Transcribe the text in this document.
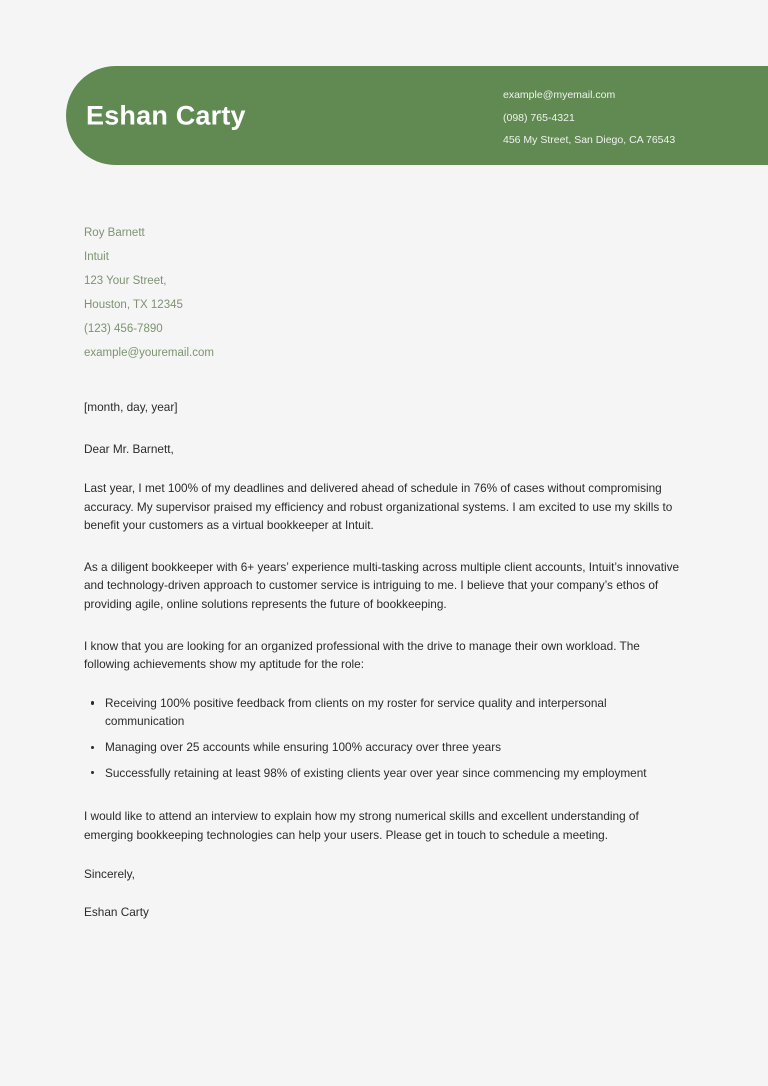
Eshan Carty
example@myemail.com
(098) 765-4321
456 My Street, San Diego, CA 76543
Roy Barnett
Intuit
123 Your Street,
Houston, TX 12345
(123) 456-7890
example@youremail.com
[month, day, year]
Dear Mr. Barnett,

Last year, I met 100% of my deadlines and delivered ahead of schedule in 76% of cases without compromising accuracy. My supervisor praised my efficiency and robust organizational systems. I am excited to use my skills to benefit your customers as a virtual bookkeeper at Intuit.

As a diligent bookkeeper with 6+ years’ experience multi-tasking across multiple client accounts, Intuit’s innovative and technology-driven approach to customer service is intriguing to me. I believe that your company’s ethos of providing agile, online solutions represents the future of bookkeeping.

I know that you are looking for an organized professional with the drive to manage their own workload. The following achievements show my aptitude for the role:

Receiving 100% positive feedback from clients on my roster for service quality and interpersonal communication
Managing over 25 accounts while ensuring 100% accuracy over three years
Successfully retaining at least 98% of existing clients year over year since commencing my employment

I would like to attend an interview to explain how my strong numerical skills and excellent understanding of emerging bookkeeping technologies can help your users. Please get in touch to schedule a meeting.

Sincerely,
Eshan Carty
